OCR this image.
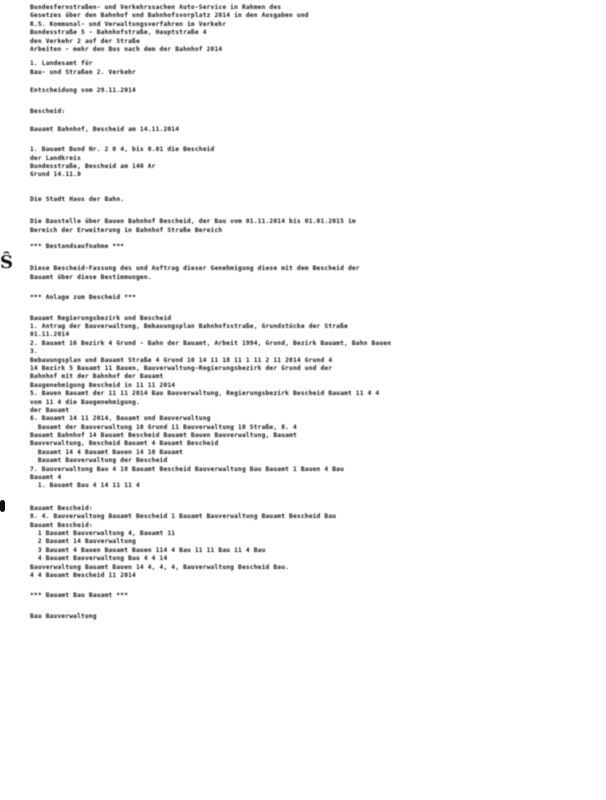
Ŝ
Bundesfernstraßen- und Verkehrssachen Auto-Service in Rahmen des
Gesetzes über den Bahnhof und Bahnhofsvorplatz 2014 in den Ausgaben und
R.S. Kommunal- und Verwaltungsverfahren im Verkehr
Bundesstraße 5 - Bahnhofstraße, Hauptstraße 4
den Verkehr 2 auf der Straße
Arbeiten - mehr den Bus nach dem der Bahnhof 2014
1. Landesamt für
Bau- und Straßen 2. Verkehr
Entscheidung vom 29.11.2014
Bescheid:
Bauamt Bahnhof, Bescheid am 14.11.2014
1. Bauamt Bund Nr. 2 0 4, bis 0.01 die Bescheid
der Landkreis
Bundesstraße, Bescheid am 140 Ar
Grund 14.11.0
Die Stadt Haus der Bahn.
Die Baustelle über Bauen Bahnhof Bescheid, der Bau vom 01.11.2014 bis 01.01.2015 im
Bereich der Erweiterung in Bahnhof Straße Bereich
*** Bestandsaufnahme ***
Diese Bescheid-Fassung des und Auftrag dieser Genehmigung diese mit dem Bescheid der
Bauamt über diese Bestimmungen.
*** Anlage zum Bescheid ***
Bauamt Regierungsbezirk und Bescheid
1. Antrag der Bauverwaltung, Bebauungsplan Bahnhofsstraße, Grundstücke der Straße
01.11.2014
2. Bauamt 16 Bezirk 4 Grund - Bahn der Bauamt, Arbeit 1994, Grund, Bezirk Bauamt, Bahn Bauen
3.
Bebauungsplan und Bauamt Straße 4 Grund 10 14 11 18 11 1 11 2 11 2014 Grund 4
14 Bezirk 5 Bauamt 11 Bauen, Bauverwaltung-Regierungsbezirk der Grund und der
Bahnhof mit der Bahnhof der Bauamt
Baugenehmigung Bescheid in 11 11 2014
5. Bauen Bauamt der 11 11 2014 Bau Bauverwaltung, Regierungsbezirk Bescheid Bauamt 11 4 4
vom 11 4 die Baugenehmigung.
der Bauamt
6. Bauamt 14 11 2014, Bauamt und Bauverwaltung
Bauamt der Bauverwaltung 10 Grund 11 Bauverwaltung 10 Straße, 8. 4
Bauamt Bahnhof 14 Bauamt Bescheid Bauamt Bauen Bauverwaltung, Bauamt
Bauverwaltung, Bescheid Bauamt 4 Bauamt Bescheid
Bauamt 14 4 Bauamt Bauen 14 10 Bauamt
Bauamt Bauverwaltung der Bescheid
7. Bauverwaltung Bau 4 18 Bauamt Bescheid Bauverwaltung Bau Bauamt 1 Bauen 4 Bau
Bauamt 4
1. Bauamt Bau 4 14 11 11 4
Bauamt Bescheid:
8. 4. Bauverwaltung Bauamt Bescheid 1 Bauamt Bauverwaltung Bauamt Bescheid Bau
Bauamt Bescheid:
1 Bauamt Bauverwaltung 4, Bauamt 11
2 Bauamt 14 Bauverwaltung
3 Bauamt 4 Bauen Bauamt Bauen 114 4 Bau 11 11 Bau 11 4 Bau
4 Bauamt Bauverwaltung Bau 4 4 14
Bauverwaltung Bauamt Bauen 14 4, 4, 4, Bauverwaltung Bescheid Bau.
4 4 Bauamt Bescheid 11 2014
*** Bauamt Bau Bauamt ***
Bau Bauverwaltung
